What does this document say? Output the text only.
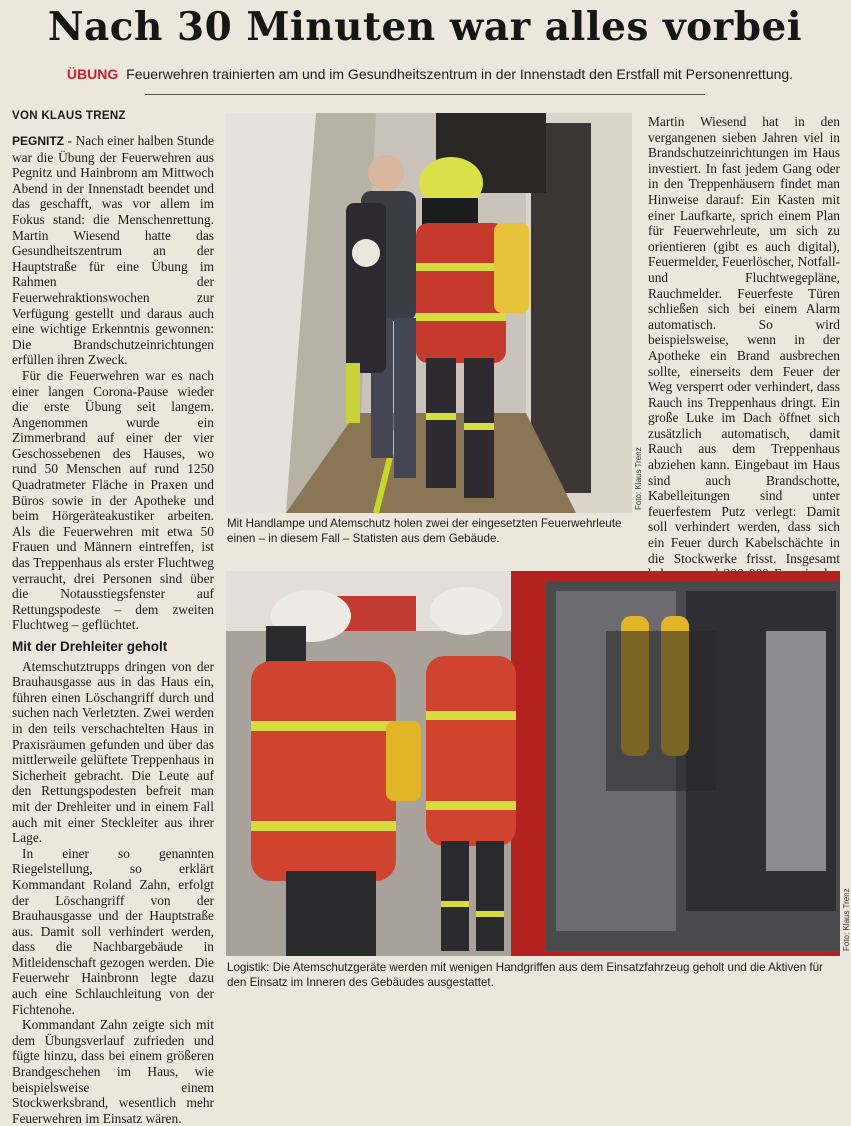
Nach 30 Minuten war alles vorbei
ÜBUNG Feuerwehren trainierten am und im Gesundheitszentrum in der Innenstadt den Erstfall mit Personenrettung.
VON KLAUS TRENZ

PEGNITZ - Nach einer halben Stunde war die Übung der Feuerwehren aus Pegnitz und Hainbronn am Mittwoch Abend in der Innenstadt beendet und das geschafft, was vor allem im Fokus stand: die Menschenrettung. Martin Wiesend hatte das Gesundheitszentrum an der Hauptstraße für eine Übung im Rahmen der Feuerwehraktionswochen zur Verfügung gestellt und daraus auch eine wichtige Erkenntnis gewonnen: Die Brandschutzeinrichtungen erfüllen ihren Zweck.

Für die Feuerwehren war es nach einer langen Corona-Pause wieder die erste Übung seit langem. Angenommen wurde ein Zimmerbrand auf einer der vier Geschossebenen des Hauses, wo rund 50 Menschen auf rund 1250 Quadratmeter Fläche in Praxen und Büros sowie in der Apotheke und beim Hörgeräteakustiker arbeiten. Als die Feuerwehren mit etwa 50 Frauen und Männern eintreffen, ist das Treppenhaus als erster Fluchtweg verraucht, drei Personen sind über die Notausstiegsfenster auf Rettungspodeste – dem zweiten Fluchtweg – geflüchtet.

Mit der Drehleiter geholt

Atemschutztrupps dringen von der Brauhausgasse aus in das Haus ein, führen einen Löschangriff durch und suchen nach Verletzten. Zwei werden in den teils verschachtelten Haus in Praxisräumen gefunden und über das mittlerweile gelüftete Treppenhaus in Sicherheit gebracht. Die Leute auf den Rettungspodesten befreit man mit der Drehleiter und in einem Fall auch mit einer Steckleiter aus ihrer Lage.

In einer so genannten Riegelstellung, so erklärt Kommandant Roland Zahn, erfolgt der Löschangriff von der Brauhausgasse und der Hauptstraße aus. Damit soll verhindert werden, dass die Nachbargebäude in Mitleidenschaft gezogen werden. Die Feuerwehr Hainbronn legte dazu auch eine Schlauchleitung von der Fichtenohe.

Kommandant Zahn zeigte sich mit dem Übungsverlauf zufrieden und fügte hinzu, dass bei einem größeren Brandgeschehen im Haus, wie beispielsweise einem Stockwerksbrand, wesentlich mehr Feuerwehren im Einsatz wären.

Foto: Klaus Trenz
Mit Handlampe und Atemschutz holen zwei der eingesetzten Feuerwehrleute einen – in diesem Fall – Statisten aus dem Gebäude.

Martin Wiesend hat in den vergangenen sieben Jahren viel in Brandschutzeinrichtungen im Haus investiert. In fast jedem Gang oder in den Treppenhäusern findet man Hinweise darauf: Ein Kasten mit einer Laufkarte, sprich einem Plan für Feuerwehrleute, um sich zu orientieren (gibt es auch digital), Feuermelder, Feuerlöscher, Notfall- und Fluchtwegepläne, Rauchmelder. Feuerfeste Türen schließen sich bei einem Alarm automatisch. So wird beispielsweise, wenn in der Apotheke ein Brand ausbrechen sollte, einerseits dem Feuer der Weg versperrt oder verhindert, dass Rauch ins Treppenhaus dringt. Ein große Luke im Dach öffnet sich zusätzlich automatisch, damit Rauch aus dem Treppenhaus abziehen kann. Eingebaut im Haus sind auch Brandschotte, Kabelleitungen sind unter feuerfestem Putz verlegt: Damit soll verhindert werden, dass sich ein Feuer durch Kabelschächte in die Stockwerke frisst. Insgesamt

Foto: Klaus Trenz
Logistik: Die Atemschutzgeräte werden mit wenigen Handgriffen aus dem Einsatzfahrzeug geholt und die Aktiven für den Einsatz im Inneren des Gebäudes ausgestattet.
